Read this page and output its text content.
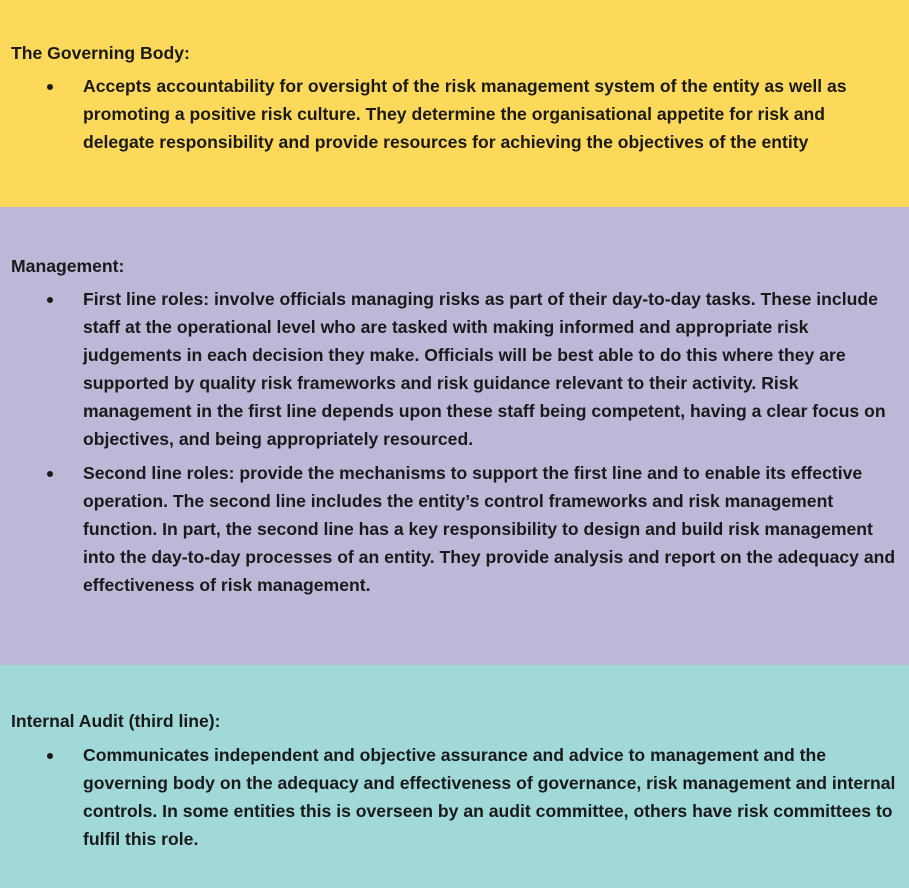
The Governing Body:

Accepts accountability for oversight of the risk management system of the entity as well as promoting a positive risk culture. They determine the organisational appetite for risk and delegate responsibility and provide resources for achieving the objectives of the entity

Management:

First line roles: involve officials managing risks as part of their day-to-day tasks. These include staff at the operational level who are tasked with making informed and appropriate risk judgements in each decision they make. Officials will be best able to do this where they are supported by quality risk frameworks and risk guidance relevant to their activity. Risk management in the first line depends upon these staff being competent, having a clear focus on objectives, and being appropriately resourced.
Second line roles: provide the mechanisms to support the first line and to enable its effective operation. The second line includes the entity’s control frameworks and risk management function. In part, the second line has a key responsibility to design and build risk management into the day-to-day processes of an entity. They provide analysis and report on the adequacy and effectiveness of risk management.

Internal Audit (third line):

Communicates independent and objective assurance and advice to management and the governing body on the adequacy and effectiveness of governance, risk management and internal controls. In some entities this is overseen by an audit committee, others have risk committees to fulfil this role.
